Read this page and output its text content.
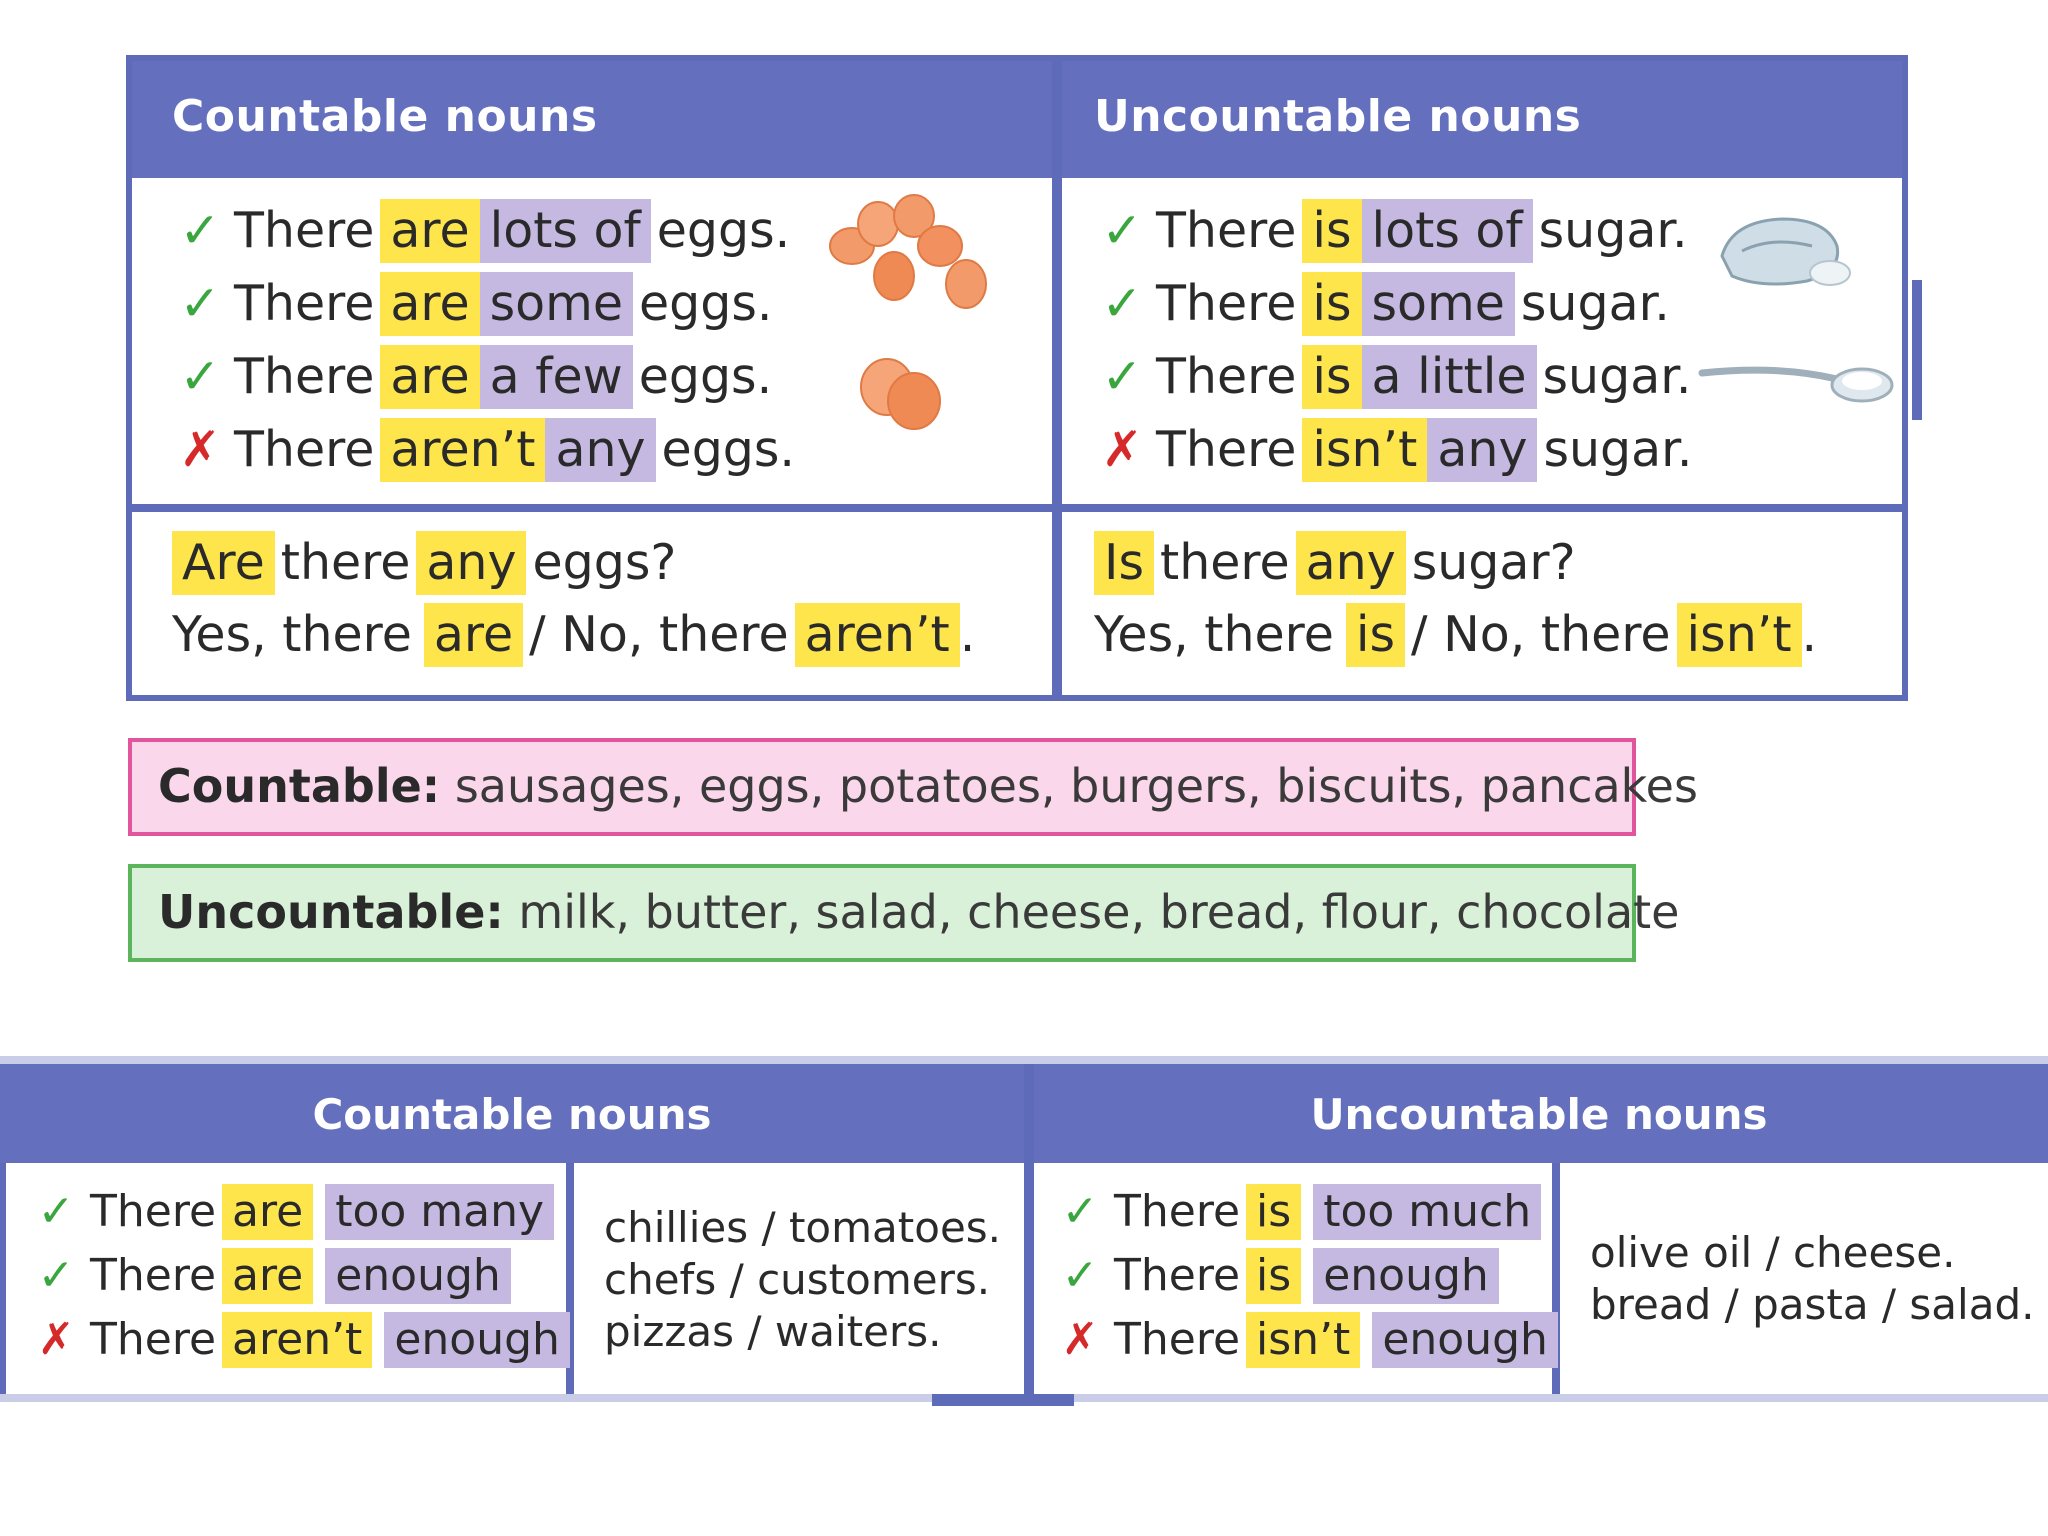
Countable nouns	Uncountable nouns
✓ There are lots of eggs.
✓ There are some eggs.
✓ There are a few eggs.
✗ There aren’t any eggs.
✓ There is lots of sugar.
✓ There is some sugar.
✓ There is a little sugar.
✗ There isn’t any sugar.
Are there any eggs?
Yes, there are / No, there aren’t .
Is there any sugar?
Yes, there is / No, there isn’t .
Countable: sausages, eggs, potatoes, burgers, biscuits, pancakes
Uncountable: milk, butter, salad, cheese, bread, flour, chocolate
Countable nouns	Uncountable nouns
✓ There are too many
✓ There are enough
✗ There aren’t enough
chillies / tomatoes.
chefs / customers.
pizzas / waiters.
✓ There is too much
✓ There is enough
✗ There isn’t enough
olive oil / cheese.
bread / pasta / salad.
